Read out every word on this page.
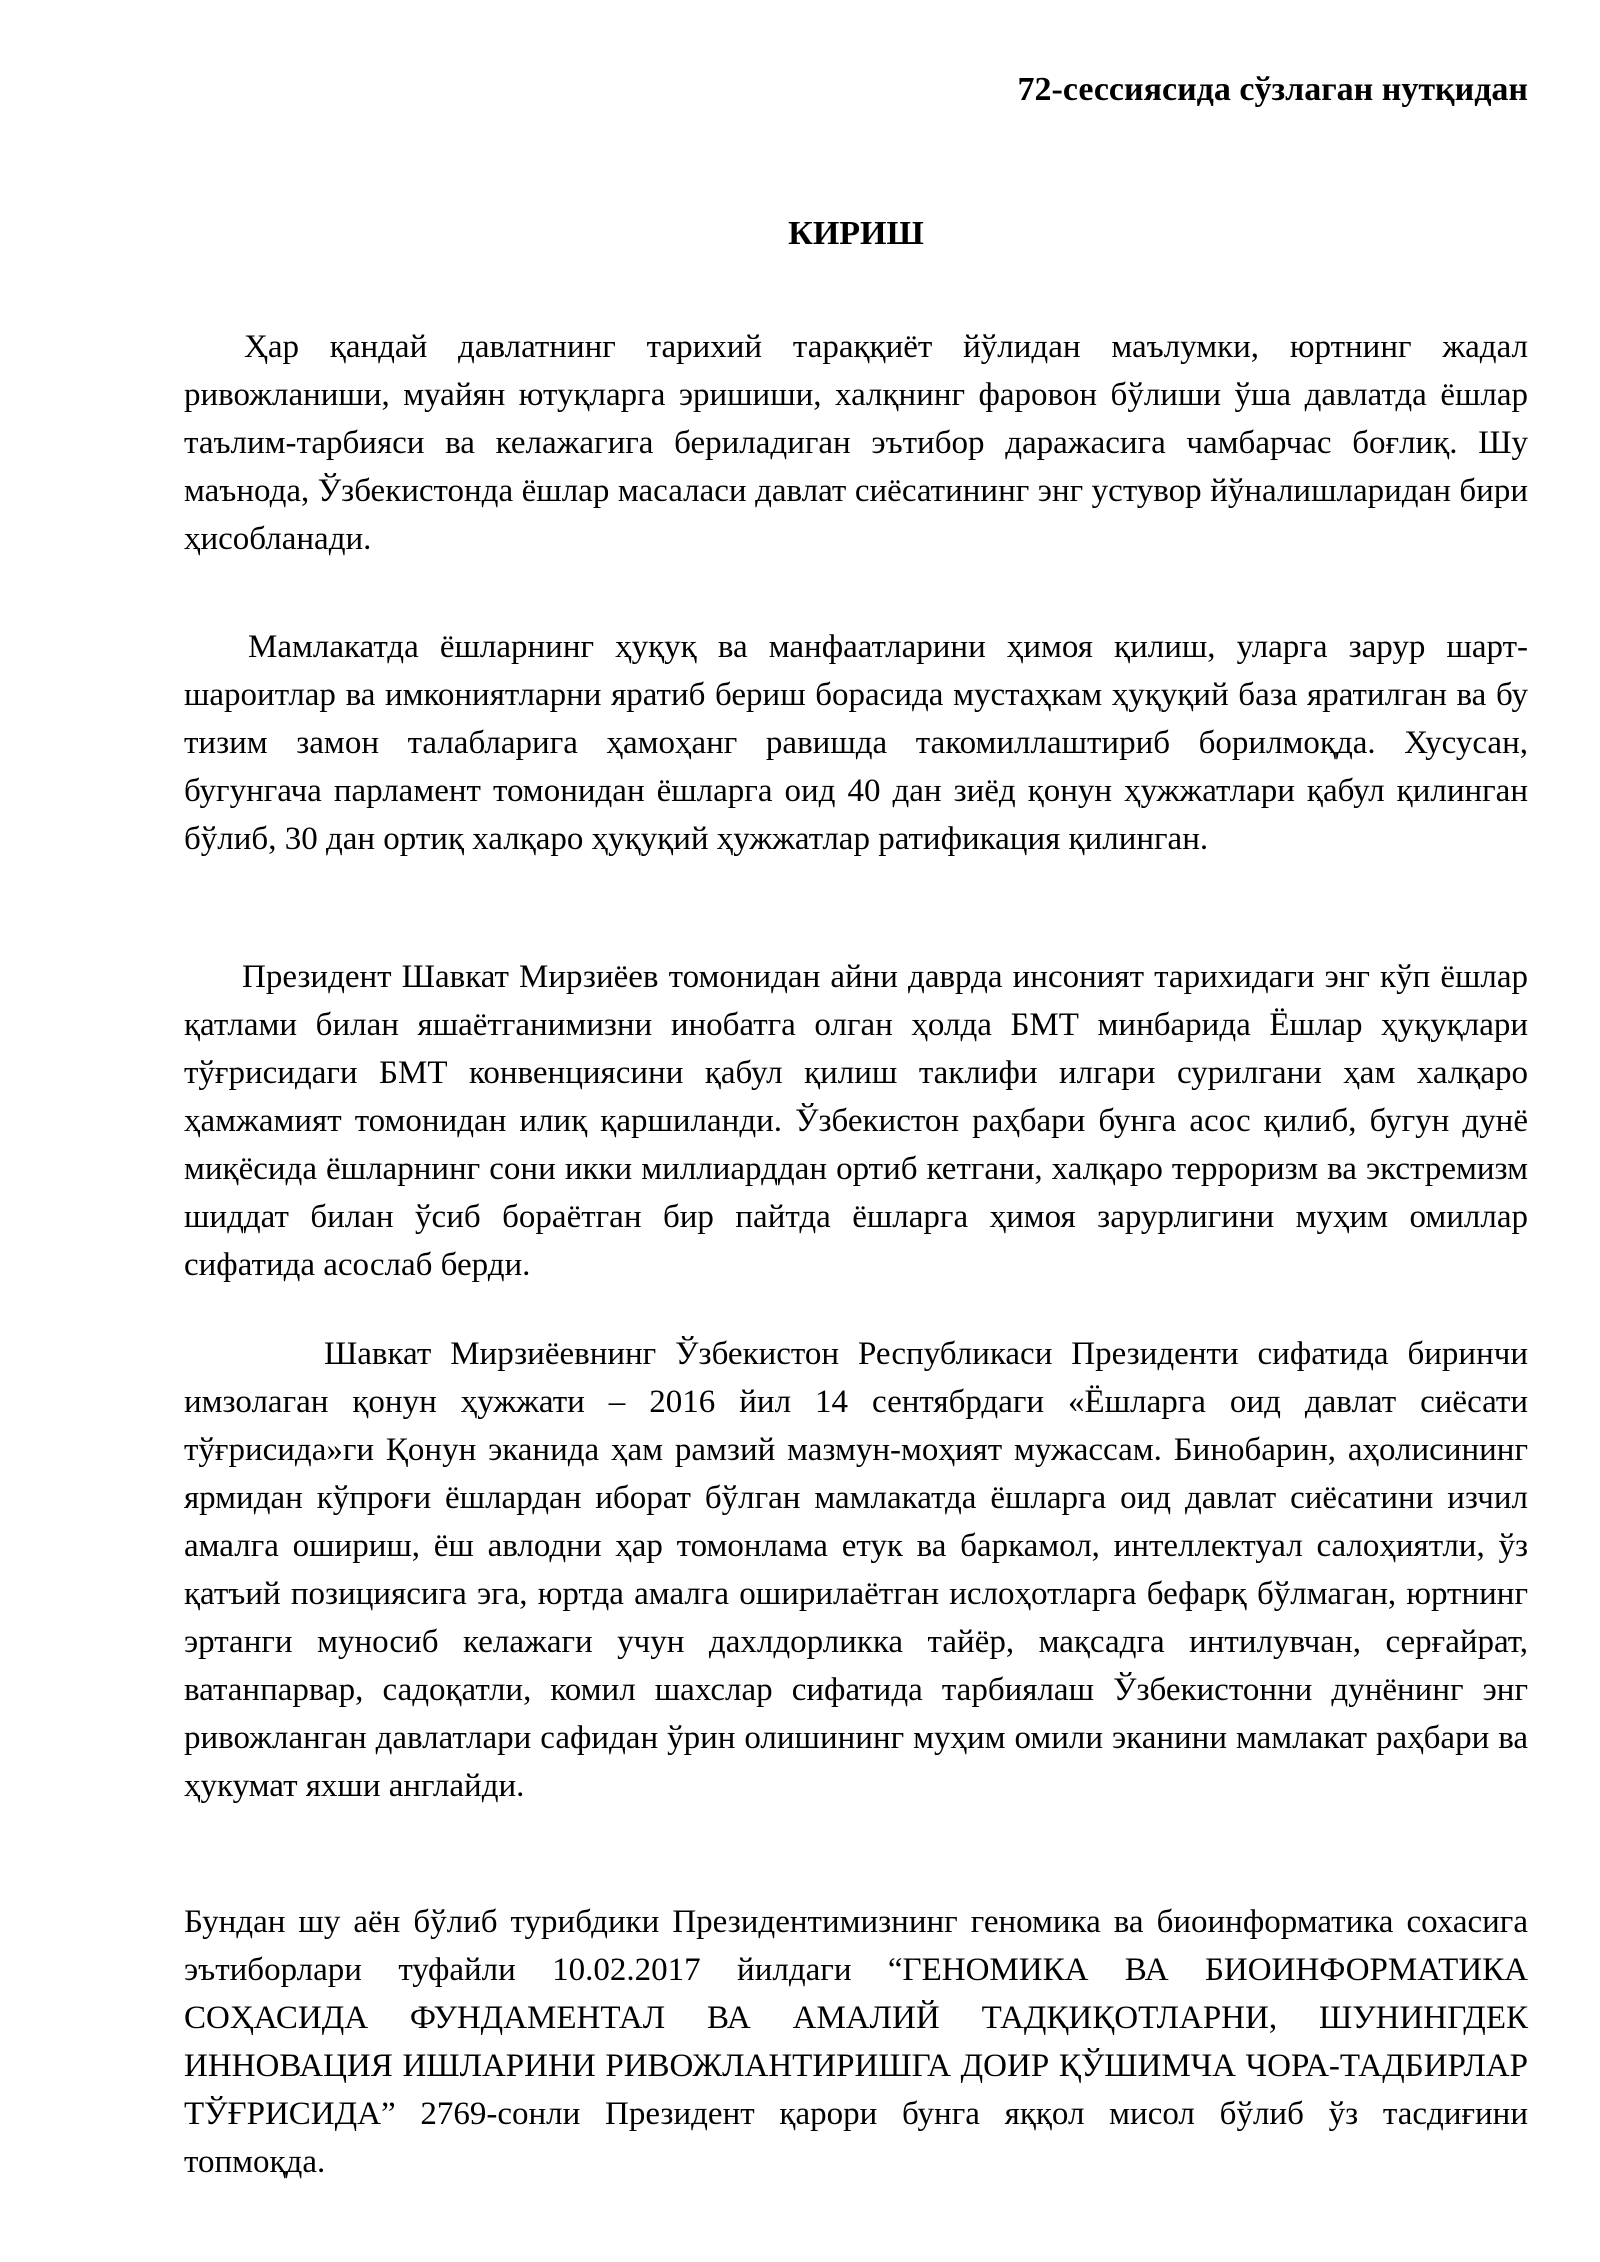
72-сессиясида сўзлаган нутқидан
КИРИШ

Ҳар қандай давлатнинг тарихий тараққиёт йўлидан маълумки, юртнинг жадал ривожланиши, муайян ютуқларга эришиши, халқнинг фаровон бўлиши ўша давлатда ёшлар таълим-тарбияси ва келажагига бериладиган эътибор даражасига чамбарчас боғлиқ. Шу маънода, Ўзбекистонда ёшлар масаласи давлат сиёсатининг энг устувор йўналишларидан бири ҳисобланади.

Мамлакатда ёшларнинг ҳуқуқ ва манфаатларини ҳимоя қилиш, уларга зарур шарт-шароитлар ва имкониятларни яратиб бериш борасида мустаҳкам ҳуқуқий база яратилган ва бу тизим замон талабларига ҳамоҳанг равишда такомиллаштириб борилмоқда. Хусусан, бугунгача парламент томонидан ёшларга оид 40 дан зиёд қонун ҳужжатлари қабул қилинган бўлиб, 30 дан ортиқ халқаро ҳуқуқий ҳужжатлар ратификация қилинган.

Президент Шавкат Мирзиёев томонидан айни даврда инсоният тарихидаги энг кўп ёшлар қатлами билан яшаётганимизни инобатга олган ҳолда БМТ минбарида Ёшлар ҳуқуқлари тўғрисидаги БМТ конвенциясини қабул қилиш таклифи илгари сурилгани ҳам халқаро ҳамжамият томонидан илиқ қаршиланди. Ўзбекистон раҳбари бунга асос қилиб, бугун дунё миқёсида ёшларнинг сони икки миллиарддан ортиб кетгани, халқаро терроризм ва экстремизм шиддат билан ўсиб бораётган бир пайтда ёшларга ҳимоя зарурлигини муҳим омиллар сифатида асослаб берди.

Шавкат Мирзиёевнинг Ўзбекистон Республикаси Президенти сифатида биринчи имзолаган қонун ҳужжати – 2016 йил 14 сентябрдаги «Ёшларга оид давлат сиёсати тўғрисида»ги Қонун эканида ҳам рамзий мазмун-моҳият мужассам. Бинобарин, аҳолисининг ярмидан кўпроғи ёшлардан иборат бўлган мамлакатда ёшларга оид давлат сиёсатини изчил амалга ошириш, ёш авлодни ҳар томонлама етук ва баркамол, интеллектуал салоҳиятли, ўз қатъий позициясига эга, юртда амалга оширилаётган ислоҳотларга бефарқ бўлмаган, юртнинг эртанги муносиб келажаги учун дахлдорликка тайёр, мақсадга интилувчан, серғайрат, ватанпарвар, садоқатли, комил шахслар сифатида тарбиялаш Ўзбекистонни дунёнинг энг ривожланган давлатлари сафидан ўрин олишининг муҳим омили эканини мамлакат раҳбари ва ҳукумат яхши англайди.

Бундан шу аён бўлиб турибдики Президентимизнинг геномика ва биоинформатика сохасига эътиборлари туфайли 10.02.2017 йилдаги “ГЕНОМИКА ВА БИОИНФОРМАТИКА СОҲАСИДА ФУНДАМЕНТАЛ ВА АМАЛИЙ ТАДҚИҚОТЛАРНИ, ШУНИНГДЕК ИННОВАЦИЯ ИШЛАРИНИ РИВОЖЛАНТИРИШГА ДОИР ҚЎШИМЧА ЧОРА-ТАДБИРЛАР ТЎҒРИСИДА” 2769-сонли Президент қарори бунга яққол мисол бўлиб ўз тасдиғини топмоқда.
